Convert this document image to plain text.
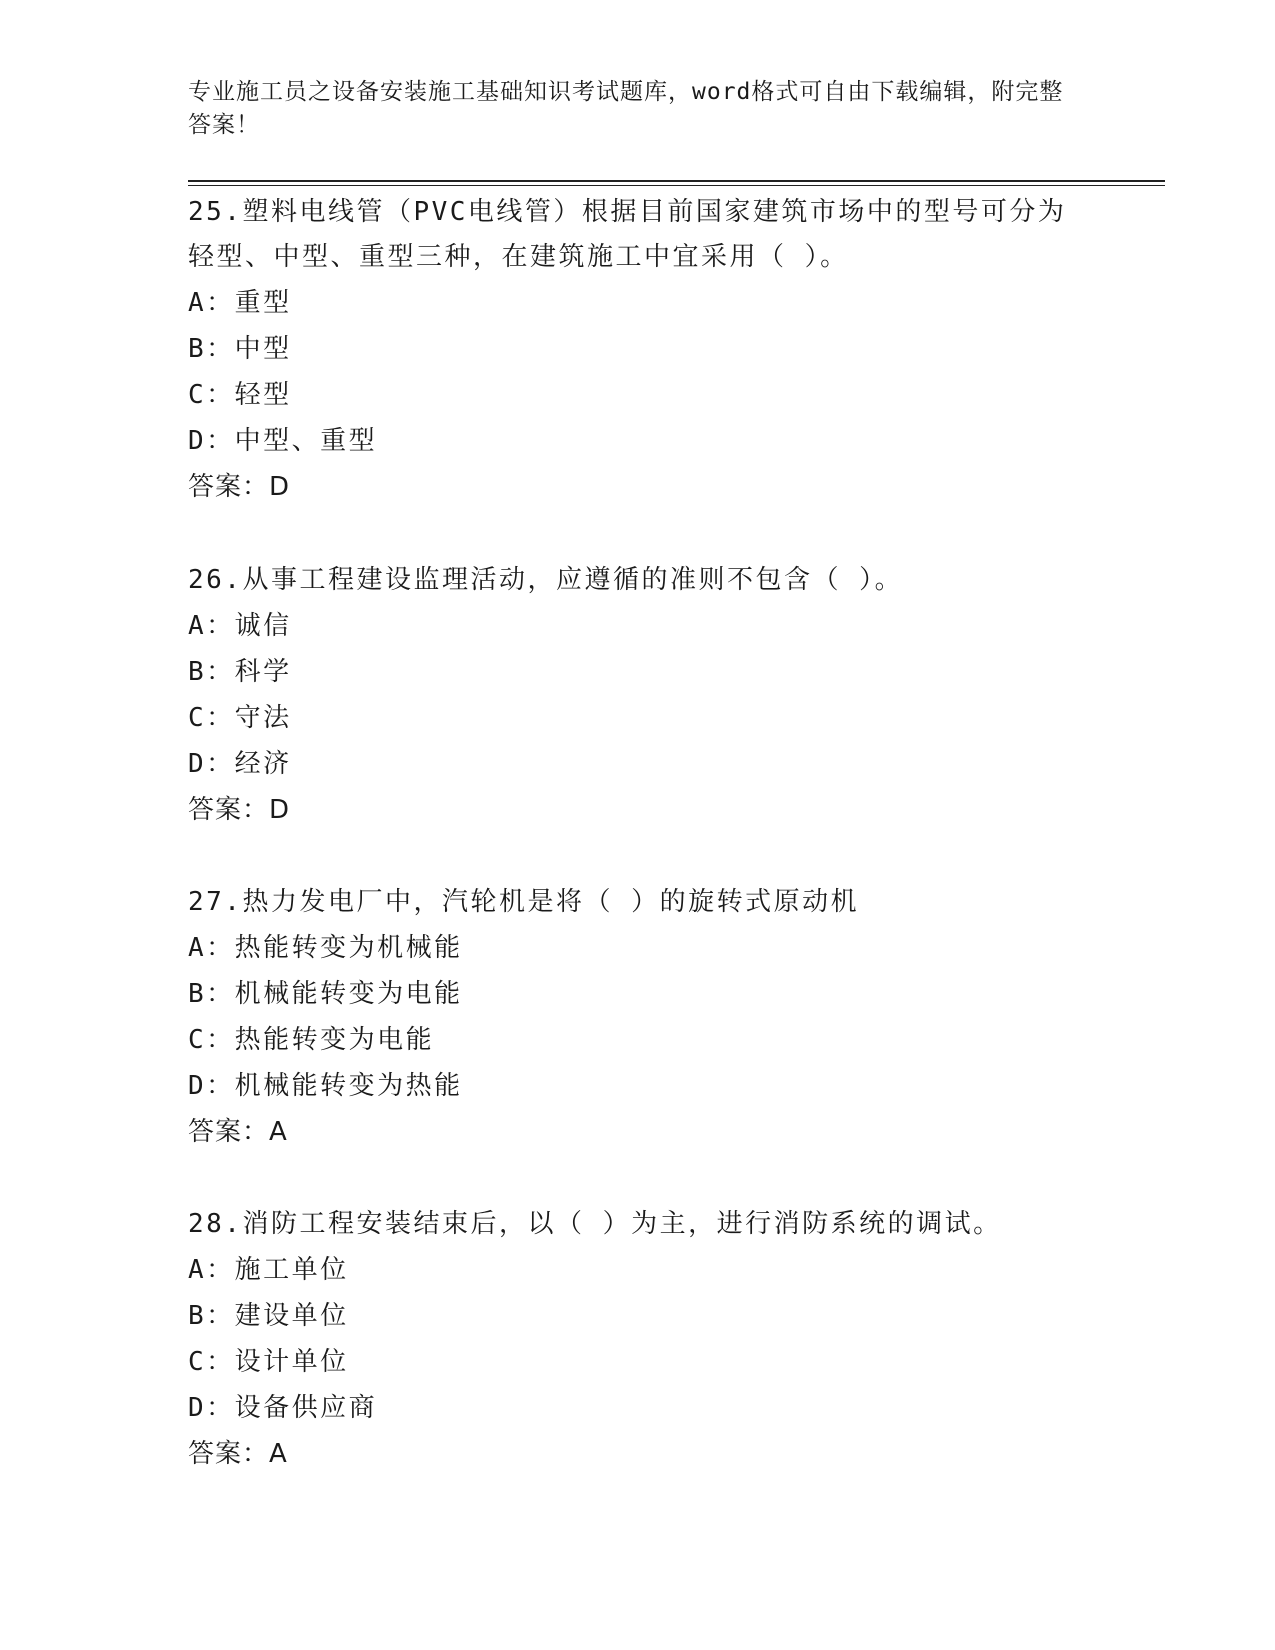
专业施工员之设备安装施工基础知识考试题库，word格式可自由下载编辑，附完整答案！

25.塑料电线管（PVC电线管）根据目前国家建筑市场中的型号可分为轻型、中型、重型三种，在建筑施工中宜采用（ ）。

A：重型

B：中型

C：轻型

D：中型、重型

答案：D

26.从事工程建设监理活动，应遵循的准则不包含（ ）。

A：诚信

B：科学

C：守法

D：经济

答案：D

27.热力发电厂中，汽轮机是将（ ）的旋转式原动机

A：热能转变为机械能

B：机械能转变为电能

C：热能转变为电能

D：机械能转变为热能

答案：A

28.消防工程安装结束后，以（ ）为主，进行消防系统的调试。

A：施工单位

B：建设单位

C：设计单位

D：设备供应商

答案：A
